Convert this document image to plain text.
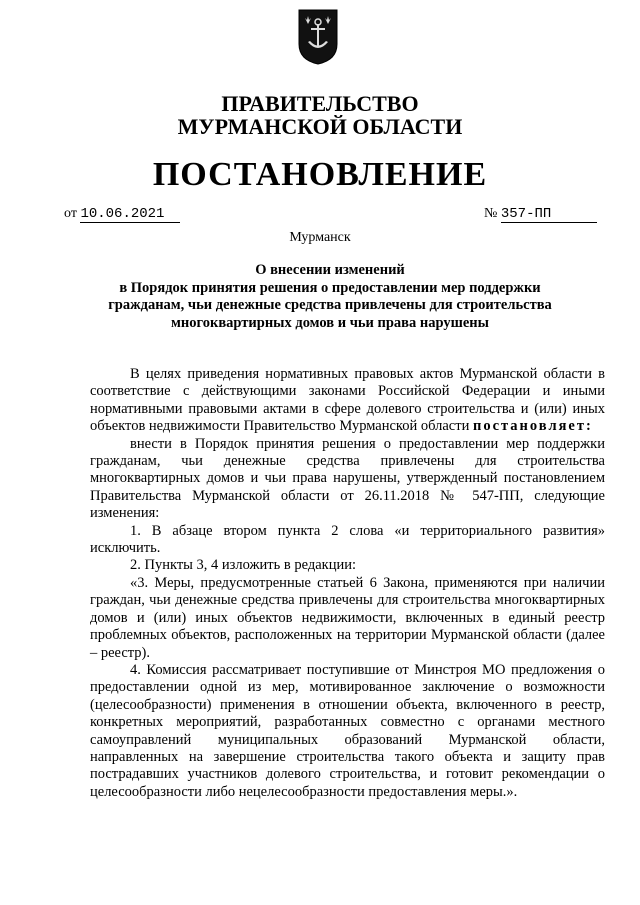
ПРАВИТЕЛЬСТВО
МУРМАНСКОЙ ОБЛАСТИ
ПОСТАНОВЛЕНИЕ
от 10.06.2021	№ 357-ПП
Мурманск
О внесении изменений
в Порядок принятия решения о предоставлении мер поддержки
гражданам, чьи денежные средства привлечены для строительства
многоквартирных домов и чьи права нарушены

В целях приведения нормативных правовых актов Мурманской области в соответствие с действующими законами Российской Федерации и иными нормативными правовыми актами в сфере долевого строительства и (или) иных объектов недвижимости Правительство Мурманской области постановляет:

внести в Порядок принятия решения о предоставлении мер поддержки гражданам, чьи денежные средства привлечены для строительства многоквартирных домов и чьи права нарушены, утвержденный постановлением Правительства Мурманской области от 26.11.2018 № 547-ПП, следующие изменения:

1. В абзаце втором пункта 2 слова «и территориального развития» исключить.

2. Пункты 3, 4 изложить в редакции:

«3. Меры, предусмотренные статьей 6 Закона, применяются при наличии граждан, чьи денежные средства привлечены для строительства многоквартирных домов и (или) иных объектов недвижимости, включенных в единый реестр проблемных объектов, расположенных на территории Мурманской области (далее – реестр).

4. Комиссия рассматривает поступившие от Минстроя МО предложения о предоставлении одной из мер, мотивированное заключение о возможности (целесообразности) применения в отношении объекта, включенного в реестр, конкретных мероприятий, разработанных совместно с органами местного самоуправлений муниципальных образований Мурманской области, направленных на завершение строительства такого объекта и защиту прав пострадавших участников долевого строительства, и готовит рекомендации о целесообразности либо нецелесообразности предоставления меры.».
